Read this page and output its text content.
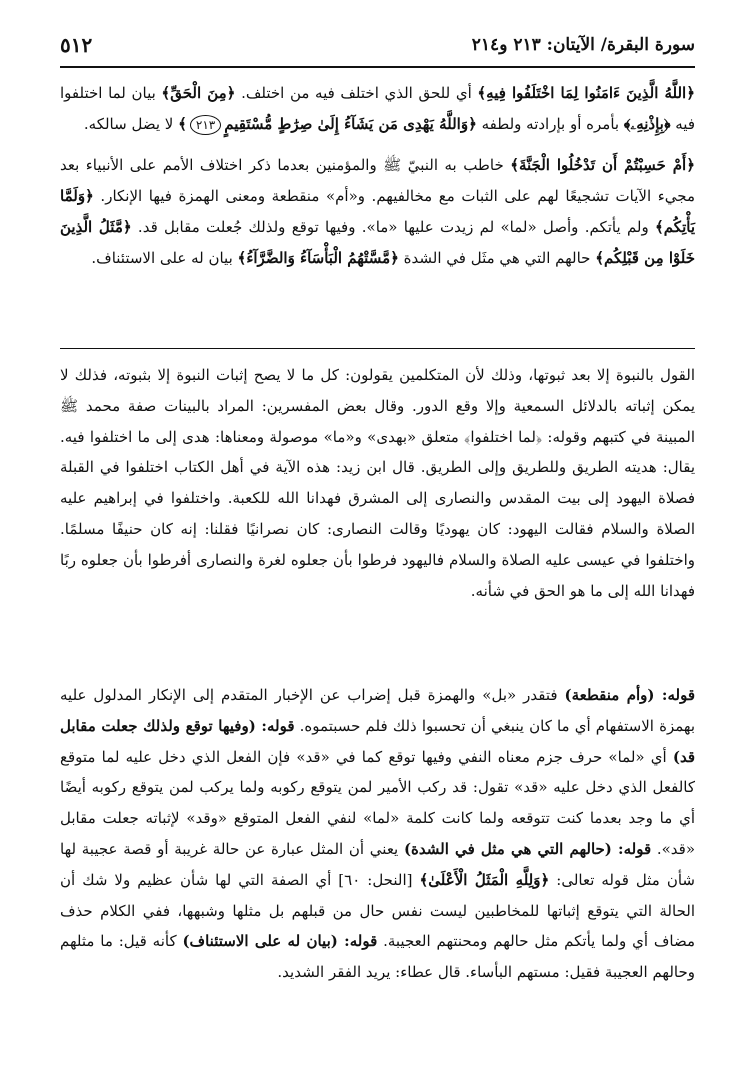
٥١٢	سورة البقرة/ الآيتان: ٢١٣ و٢١٤

﴿اللَّهُ الَّذِينَ ءَامَنُوا لِمَا اخْتَلَفُوا فِيهِ﴾ أي للحق الذي اختلف فيه من اختلف. ﴿مِنَ الْحَقِّ﴾ بيان لما اختلفوا فيه ﴿بِإِذْنِهِۦ﴾ بأمره أو بإرادته ولطفه ﴿وَاللَّهُ يَهْدِى مَن يَشَآءُ إِلَىٰ صِرَٰطٍ مُّسْتَقِيمٍ٢١٣﴾ لا يضل سالكه.

﴿أَمْ حَسِبْتُمْ أَن تَدْخُلُوا الْجَنَّةَ﴾ خاطب به النبيّ ﷺ والمؤمنين بعدما ذكر اختلاف الأمم على الأنبياء بعد مجيء الآيات تشجيعًا لهم على الثبات مع مخالفيهم. و«أم» منقطعة ومعنى الهمزة فيها الإنكار. ﴿وَلَمَّا يَأْتِكُم﴾ ولم يأتكم. وأصل «لما» لم زيدت عليها «ما». وفيها توقع ولذلك جُعلت مقابل قد. ﴿مَّثَلُ الَّذِينَ خَلَوْا مِن قَبْلِكُم﴾ حالهم التي هي مثَل في الشدة ﴿مَّسَّتْهُمُ الْبَأْسَآءُ وَالضَّرَّآءُ﴾ بيان له على الاستئناف.

القول بالنبوة إلا بعد ثبوتها، وذلك لأن المتكلمين يقولون: كل ما لا يصح إثبات النبوة إلا بثبوته، فذلك لا يمكن إثباته بالدلائل السمعية وإلا وقع الدور. وقال بعض المفسرين: المراد بالبينات صفة محمد ﷺ المبينة في كتبهم وقوله: ﴿لما اختلفوا﴾ متعلق «بهدى» و«ما» موصولة ومعناها: هدى إلى ما اختلفوا فيه. يقال: هديته الطريق وللطريق وإلى الطريق. قال ابن زيد: هذه الآية في أهل الكتاب اختلفوا في القبلة فصلاة اليهود إلى بيت المقدس والنصارى إلى المشرق فهدانا الله للكعبة. واختلفوا في إبراهيم عليه الصلاة والسلام فقالت اليهود: كان يهوديًا وقالت النصارى: كان نصرانيًا فقلنا: إنه كان حنيفًا مسلمًا. واختلفوا في عيسى عليه الصلاة والسلام فاليهود فرطوا بأن جعلوه لغرة والنصارى أفرطوا بأن جعلوه ربًا فهدانا الله إلى ما هو الحق في شأنه.

قوله: (وأم منقطعة) فتقدر «بل» والهمزة قبل إضراب عن الإخبار المتقدم إلى الإنكار المدلول عليه بهمزة الاستفهام أي ما كان ينبغي أن تحسبوا ذلك فلم حسبتموه. قوله: (وفيها توقع ولذلك جعلت مقابل قد) أي «لما» حرف جزم معناه النفي وفيها توقع كما في «قد» فإن الفعل الذي دخل عليه لما متوقع كالفعل الذي دخل عليه «قد» تقول: قد ركب الأمير لمن يتوقع ركوبه ولما يركب لمن يتوقع ركوبه أيضًا أي ما وجد بعدما كنت تتوقعه ولما كانت كلمة «لما» لنفي الفعل المتوقع «وقد» لإثباته جعلت مقابل «قد». قوله: (حالهم التي هي مثل في الشدة) يعني أن المثل عبارة عن حالة غريبة أو قصة عجيبة لها شأن مثل قوله تعالى: ﴿وَلِلَّهِ الْمَثَلُ الْأَعْلَىٰ﴾ [النحل: ٦٠] أي الصفة التي لها شأن عظيم ولا شك أن الحالة التي يتوقع إثباتها للمخاطبين ليست نفس حال من قبلهم بل مثلها وشبهها، ففي الكلام حذف مضاف أي ولما يأتكم مثل حالهم ومحنتهم العجيبة. قوله: (بيان له على الاستئناف) كأنه قيل: ما مثلهم وحالهم العجيبة فقيل: مستهم البأساء. قال عطاء: يريد الفقر الشديد.
